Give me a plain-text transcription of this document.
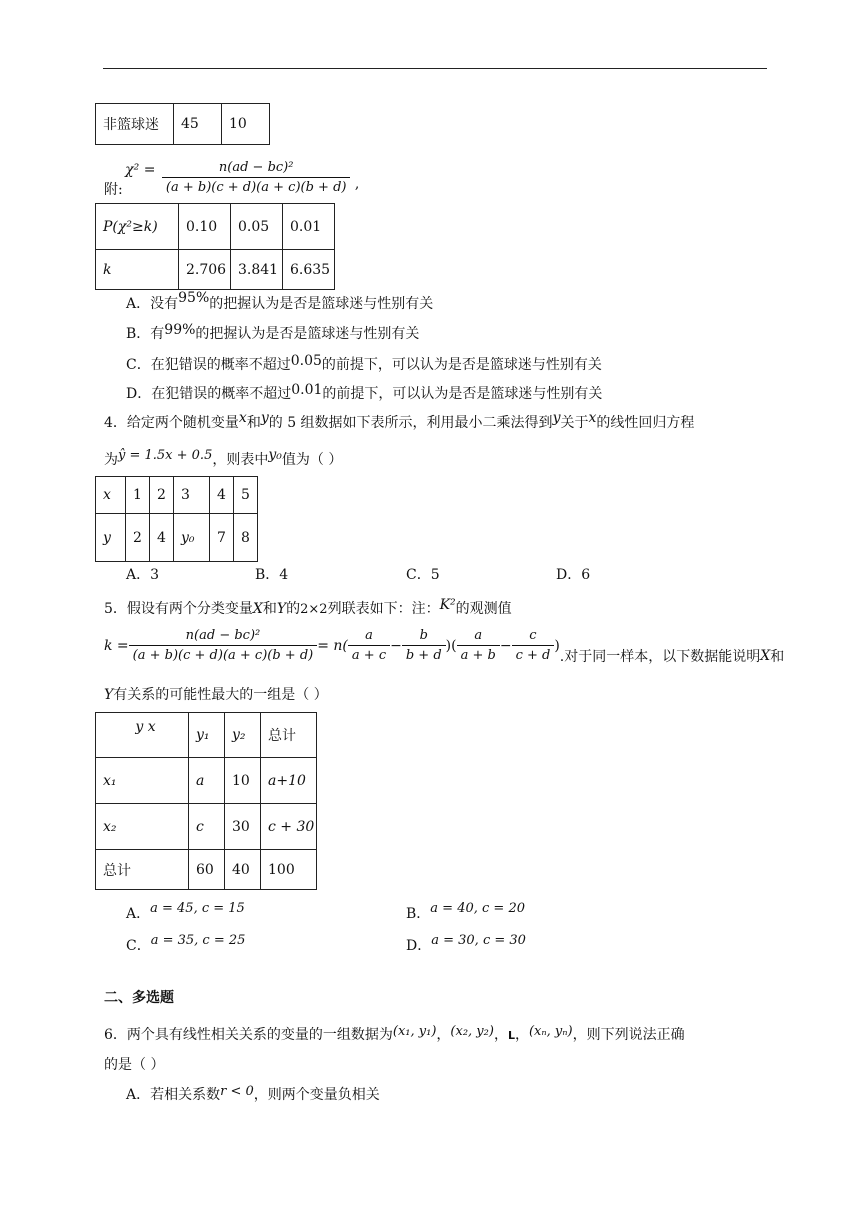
非篮球迷	45	10
附: $\chi^2 = \frac{\text{n(ad − bc)²}}{(a + b)(c + d)(a + c)(b + d)}$ ,
P(χ²≥k)	0.10	0.05	0.01
k	2.706	3.841	6.635
A．没有95%的把握认为是否是篮球迷与性别有关
B．有99%的把握认为是否是篮球迷与性别有关
C．在犯错误的概率不超过0.05的前提下，可以认为是否是篮球迷与性别有关
D．在犯错误的概率不超过0.01的前提下，可以认为是否是篮球迷与性别有关
4．给定两个随机变量x和y的 5 组数据如下表所示，利用最小二乘法得到y关于x的线性回归方程
为ŷ = 1.5x + 0.5，则表中y₀值为（ ）
x	1	2	3	4	5
y	2	4	y₀	7	8
A．3	B．4	C．5	D．6
5．假设有两个分类变量X和Y的2×2列联表如下：注：K²的观测值
$k = \frac{\text{n(ad − bc)²}}{(a + b)(c + d)(a + c)(b + d)} = n( \frac{a}{a + c} - \frac{b}{b + d}$ )( $\frac{a}{a + b} - \frac{c}{c + d}$ )
.对于同一样本，以下数据能说明 X 和
Y有关系的可能性最大的一组是（ ）
y x	y₁	y₂	总计
x₁	a	10	a+10
x₂	c	30	c + 30
总计	60	40	100
A．a = 45, c = 15	B．a = 40, c = 20
C．a = 35, c = 25	D．a = 30, c = 30
二、多选题
6．两个具有线性相关关系的变量的一组数据为(x₁, y₁)，(x₂, y₂)，L，(xₙ, yₙ)，则下列说法正确
的是（ ）
A．若相关系数r < 0，则两个变量负相关
